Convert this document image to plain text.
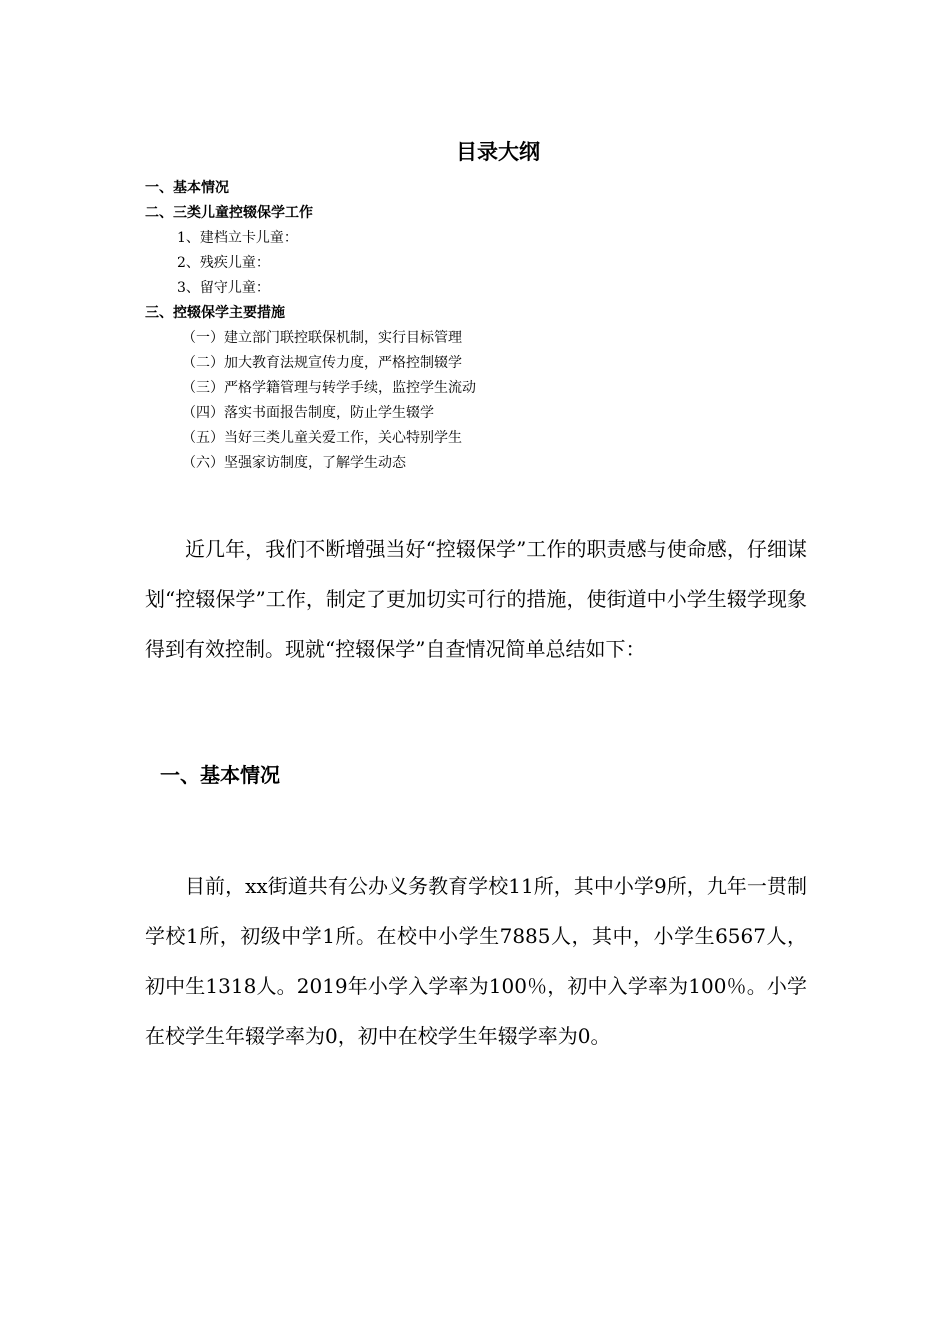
目录大纲
一、基本情况
二、三类儿童控辍保学工作
1、建档立卡儿童：
2、残疾儿童：
3、留守儿童：
三、控辍保学主要措施
（一）建立部门联控联保机制，实行目标管理
（二）加大教育法规宣传力度，严格控制辍学
（三）严格学籍管理与转学手续，监控学生流动
（四）落实书面报告制度，防止学生辍学
（五）当好三类儿童关爱工作，关心特别学生
（六）坚强家访制度，了解学生动态

近几年，我们不断增强当好“控辍保学”工作的职责感与使命感，仔细谋划“控辍保学”工作，制定了更加切实可行的措施，使街道中小学生辍学现象得到有效控制。现就“控辍保学”自查情况简单总结如下：

一、基本情况

目前，xx街道共有公办义务教育学校11所，其中小学9所，九年一贯制学校1所，初级中学1所。在校中小学生7885人，其中，小学生6567人，初中生1318人。2019年小学入学率为100％，初中入学率为100％。小学在校学生年辍学率为0，初中在校学生年辍学率为0。
